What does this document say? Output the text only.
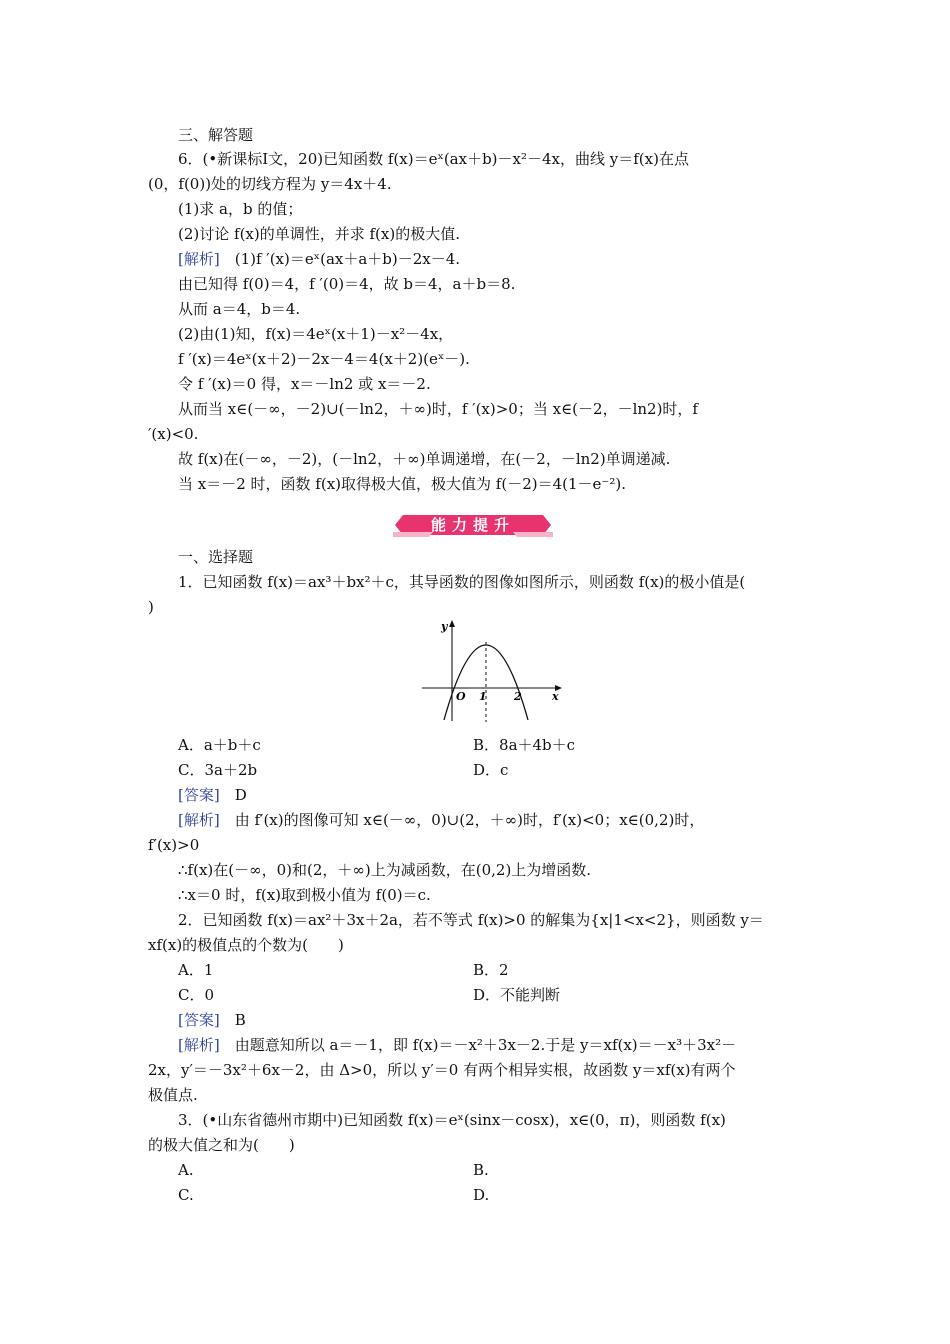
三、解答题
6．(•新课标Ⅰ文，20)已知函数 f(x)＝eˣ(ax＋b)－x²－4x，曲线 y＝f(x)在点
(0，f(0))处的切线方程为 y＝4x＋4.
(1)求 a，b 的值；
(2)讨论 f(x)的单调性，并求 f(x)的极大值.
[解析]　(1)f ′(x)＝eˣ(ax＋a＋b)－2x－4.
由已知得 f(0)＝4，f ′(0)＝4，故 b＝4，a＋b＝8.
从而 a＝4，b＝4.
(2)由(1)知，f(x)＝4eˣ(x＋1)－x²－4x，
f ′(x)＝4eˣ(x＋2)－2x－4＝4(x＋2)(eˣ－).
令 f ′(x)＝0 得，x＝－ln2 或 x＝－2.
从而当 x∈(－∞，－2)∪(－ln2，＋∞)时，f ′(x)>0；当 x∈(－2，－ln2)时，f
′(x)<0.
故 f(x)在(－∞，－2)，(－ln2，＋∞)单调递增，在(－2，－ln2)单调递减.
当 x＝－2 时，函数 f(x)取得极大值，极大值为 f(－2)＝4(1－e⁻²).
能力提升
一、选择题
1．已知函数 f(x)＝ax³＋bx²＋c，其导函数的图像如图所示，则函数 f(x)的极小值是(
)
y
x
O 1 2
A．a＋b＋c	B．8a＋4b＋c
C．3a＋2b	D．c
[答案]　D
[解析]　由 f′(x)的图像可知 x∈(－∞，0)∪(2，＋∞)时，f′(x)<0；x∈(0,2)时，
f′(x)>0
∴f(x)在(－∞，0)和(2，＋∞)上为减函数，在(0,2)上为增函数.
∴x＝0 时，f(x)取到极小值为 f(0)＝c.
2．已知函数 f(x)＝ax²＋3x＋2a，若不等式 f(x)>0 的解集为{x|1<x<2}，则函数 y＝
xf(x)的极值点的个数为(　　)
A．1	B．2
C．0	D．不能判断
[答案]　B
[解析]　由题意知所以 a＝－1，即 f(x)＝－x²＋3x－2.于是 y＝xf(x)＝－x³＋3x²－
2x，y′＝－3x²＋6x－2，由 Δ>0，所以 y′＝0 有两个相异实根，故函数 y＝xf(x)有两个
极值点.
3．(•山东省德州市期中)已知函数 f(x)＝eˣ(sinx－cosx)，x∈(0，π)，则函数 f(x)
的极大值之和为(　　)
A.	B.
C.	D.
